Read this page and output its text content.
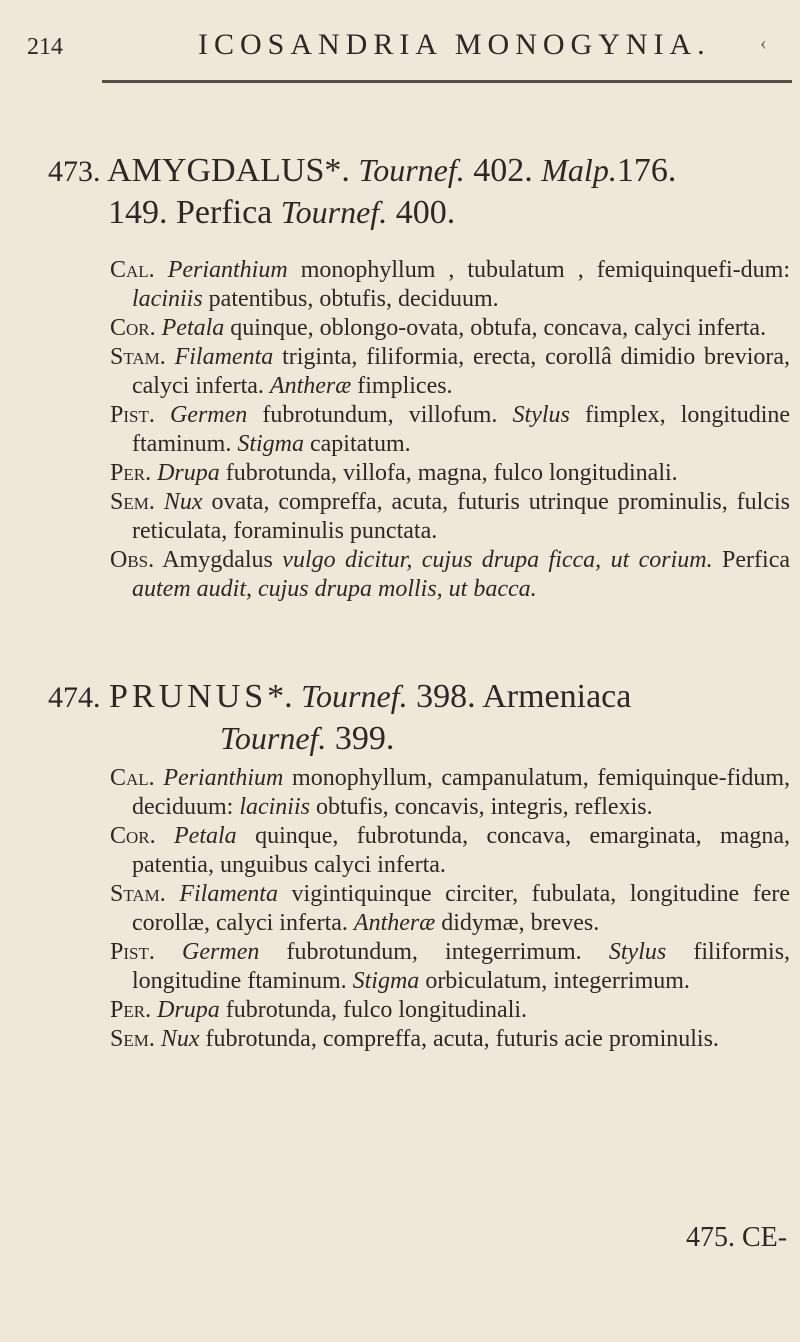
214	ICOSANDRIA MONOGYNIA. ‹
473. AMYGDALUS*. Tournef. 402. Malp.176.
149. Perfica Tournef. 400.

Cal. Perianthium monophyllum , tubulatum , femiquinquefi-dum: laciniis patentibus, obtufis, deciduum.

Cor. Petala quinque, oblongo-ovata, obtufa, concava, calyci inferta.

Stam. Filamenta triginta, filiformia, erecta, corollâ dimidio breviora, calyci inferta. Antheræ fimplices.

Pist. Germen fubrotundum, villofum. Stylus fimplex, longitudine ftaminum. Stigma capitatum.

Per. Drupa fubrotunda, villofa, magna, fulco longitudinali.

Sem. Nux ovata, compreffa, acuta, futuris utrinque prominulis, fulcis reticulata, foraminulis punctata.

Obs. Amygdalus vulgo dicitur, cujus drupa ficca, ut corium. Perfica autem audit, cujus drupa mollis, ut bacca.

474. PRUNUS*. Tournef. 398. Armeniaca
Tournef. 399.

Cal. Perianthium monophyllum, campanulatum, femiquinque-fidum, deciduum: laciniis obtufis, concavis, integris, reflexis.

Cor. Petala quinque, fubrotunda, concava, emarginata, magna, patentia, unguibus calyci inferta.

Stam. Filamenta vigintiquinque circiter, fubulata, longitudine fere corollæ, calyci inferta. Antheræ didymæ, breves.

Pist. Germen fubrotundum, integerrimum. Stylus filiformis, longitudine ftaminum. Stigma orbiculatum, integerrimum.

Per. Drupa fubrotunda, fulco longitudinali.

Sem. Nux fubrotunda, compreffa, acuta, futuris acie prominulis.

475. CE-
